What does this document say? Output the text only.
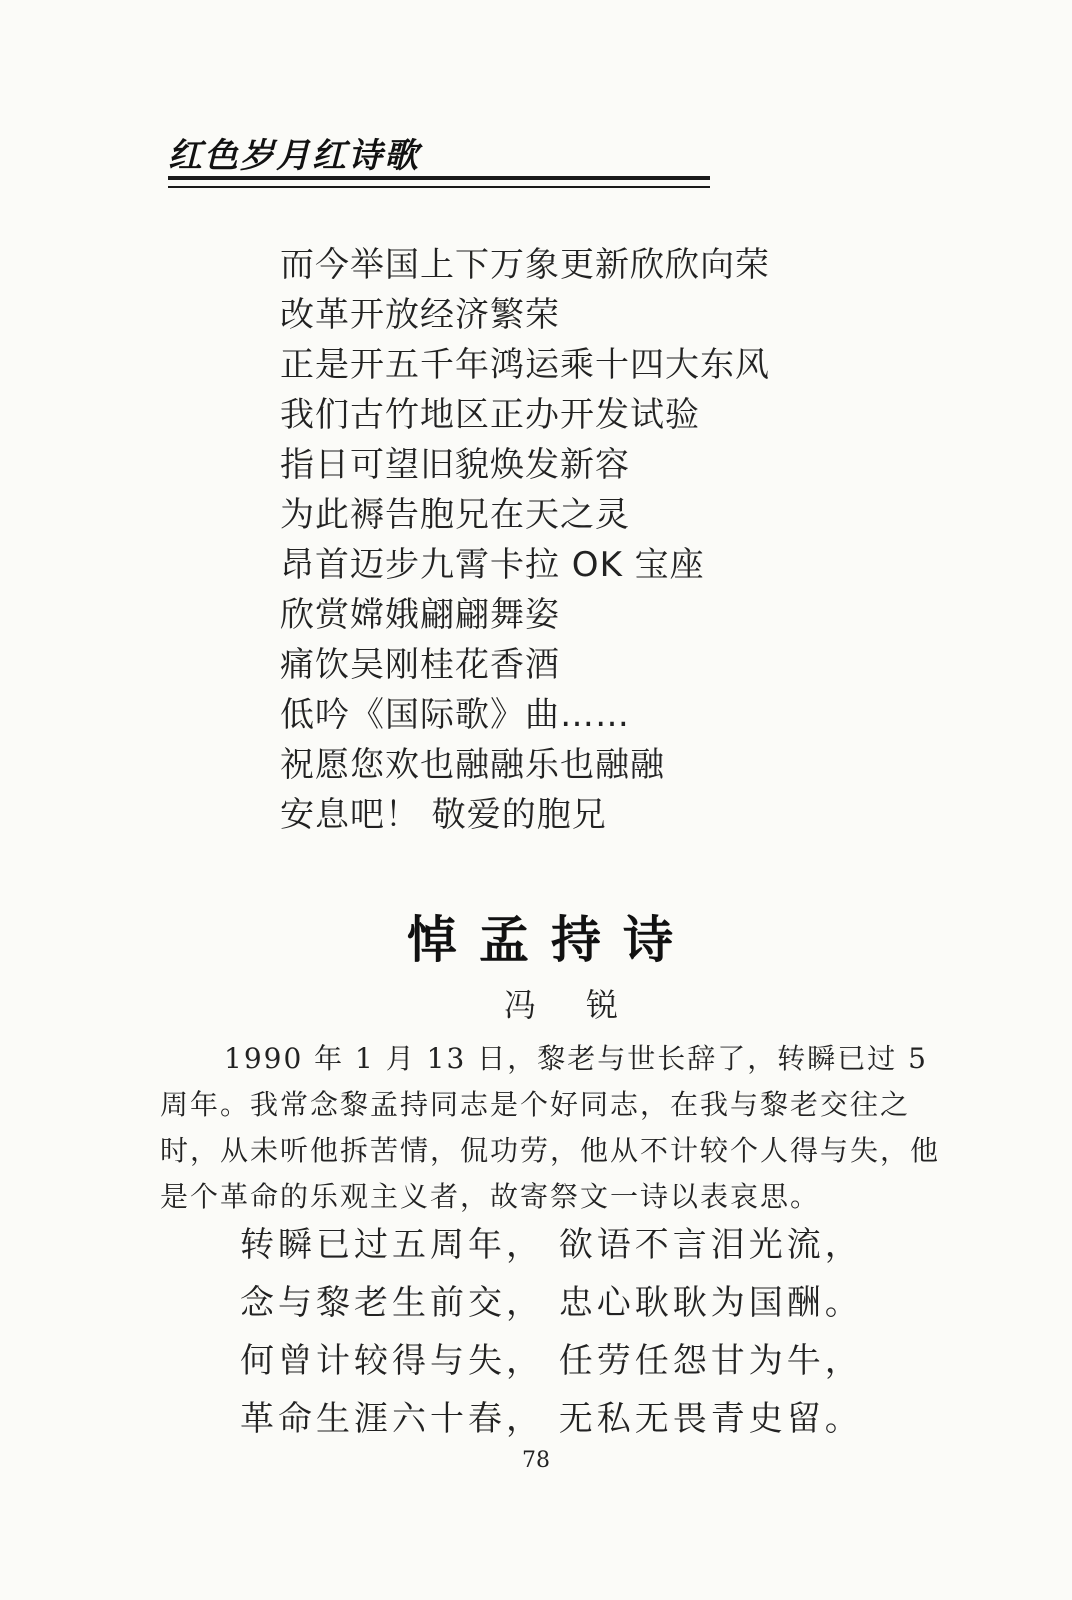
红色岁月红诗歌
而今举国上下万象更新欣欣向荣
改革开放经济繁荣
正是开五千年鸿运乘十四大东风
我们古竹地区正办开发试验
指日可望旧貌焕发新容
为此褥告胞兄在天之灵
昂首迈步九霄卡拉 OK 宝座
欣赏嫦娥翩翩舞姿
痛饮吴刚桂花香酒
低吟《国际歌》曲……
祝愿您欢也融融乐也融融
安息吧！ 敬爱的胞兄
悼孟持诗
冯锐

1990 年 1 月 13 日，黎老与世长辞了，转瞬已过 5 周年。我常念黎孟持同志是个好同志，在我与黎老交往之时，从未听他拆苦情，侃功劳，他从不计较个人得与失，他是个革命的乐观主义者，故寄祭文一诗以表哀思。

转瞬已过五周年， 欲语不言泪光流，
念与黎老生前交， 忠心耿耿为国酬。
何曾计较得与失， 任劳任怨甘为牛，
革命生涯六十春， 无私无畏青史留。
78
